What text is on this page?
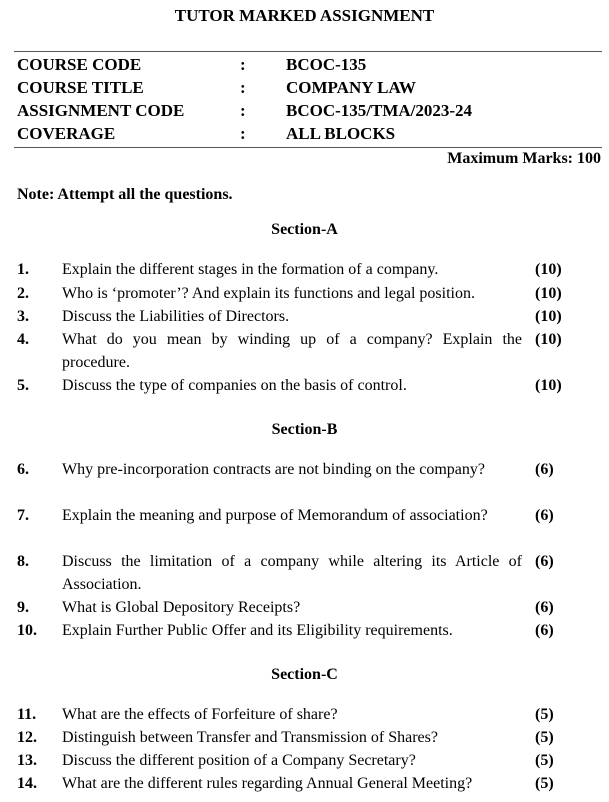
TUTOR MARKED ASSIGNMENT
COURSE CODE	: BCOC-135
COURSE TITLE	: COMPANY LAW
ASSIGNMENT CODE	: BCOC-135/TMA/2023-24
COVERAGE	: ALL BLOCKS
Maximum Marks: 100
Note: Attempt all the questions.
Section-A
1. Explain the different stages in the formation of a company.	(10)
2. Who is ‘promoter’? And explain its functions and legal position.	(10)
3. Discuss the Liabilities of Directors.	(10)
4. What do you mean by winding up of a company? Explain the procedure.
(10)
5. Discuss the type of companies on the basis of control.	(10)
Section-B
6. Why pre-incorporation contracts are not binding on the company?	(6)
7. Explain the meaning and purpose of Memorandum of association?	(6)
8. Discuss the limitation of a company while altering its Article of Association.
(6)
9. What is Global Depository Receipts?	(6)
10. Explain Further Public Offer and its Eligibility requirements.	(6)
Section-C
11. What are the effects of Forfeiture of share?	(5)
12. Distinguish between Transfer and Transmission of Shares?	(5)
13. Discuss the different position of a Company Secretary?	(5)
14. What are the different rules regarding Annual General Meeting?	(5)
